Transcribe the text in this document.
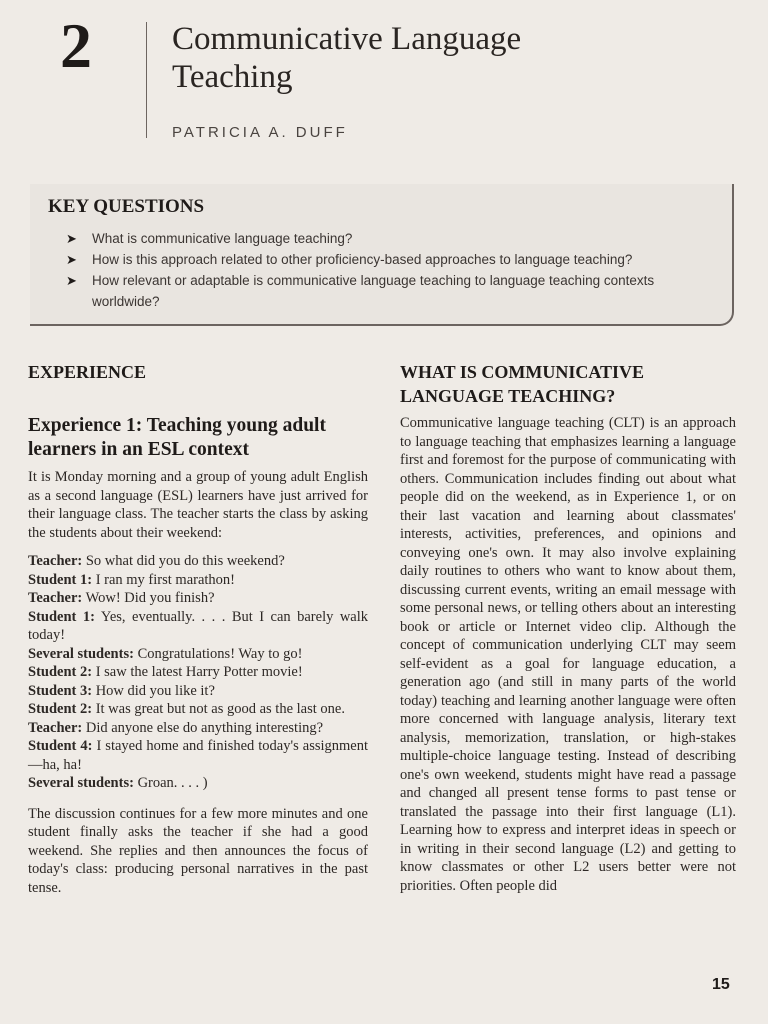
2 Communicative Language
Teaching
PATRICIA A. DUFF
KEY QUESTIONS
➤ What is communicative language teaching?
➤ How is this approach related to other proficiency-based approaches to language teaching?
➤ How relevant or adaptable is communicative language teaching to language teaching contexts worldwide?
EXPERIENCE
Experience 1: Teaching young adult learners in an ESL context

It is Monday morning and a group of young adult English as a second language (ESL) learners have just arrived for their language class. The teacher starts the class by asking the students about their weekend:

Teacher: So what did you do this weekend?
Student 1: I ran my first marathon!
Teacher: Wow! Did you finish?
Student 1: Yes, eventually. . . . But I can barely walk today!
Several students: Congratulations! Way to go!
Student 2: I saw the latest Harry Potter movie!
Student 3: How did you like it?
Student 2: It was great but not as good as the last one.
Teacher: Did anyone else do anything interesting?
Student 4: I stayed home and finished today's assignment—ha, ha!
Several students: Groan. . . . )

The discussion continues for a few more minutes and one student finally asks the teacher if she had a good weekend. She replies and then announces the focus of today's class: producing personal narratives in the past tense.

WHAT IS COMMUNICATIVE LANGUAGE TEACHING?

Communicative language teaching (CLT) is an approach to language teaching that emphasizes learning a language first and foremost for the purpose of communicating with others. Communication includes finding out about what people did on the weekend, as in Experience 1, or on their last vacation and learning about classmates' interests, activities, preferences, and opinions and conveying one's own. It may also involve explaining daily routines to others who want to know about them, discussing current events, writing an email message with some personal news, or telling others about an interesting book or article or Internet video clip. Although the concept of communication underlying CLT may seem self-evident as a goal for language education, a generation ago (and still in many parts of the world today) teaching and learning another language were often more concerned with language analysis, literary text analysis, memorization, translation, or high-stakes multiple-choice language testing. Instead of describing one's own weekend, students might have read a passage and changed all present tense forms to past tense or translated the passage into their first language (L1). Learning how to express and interpret ideas in speech or in writing in their second language (L2) and getting to know classmates or other L2 users better were not priorities. Often people did

15
